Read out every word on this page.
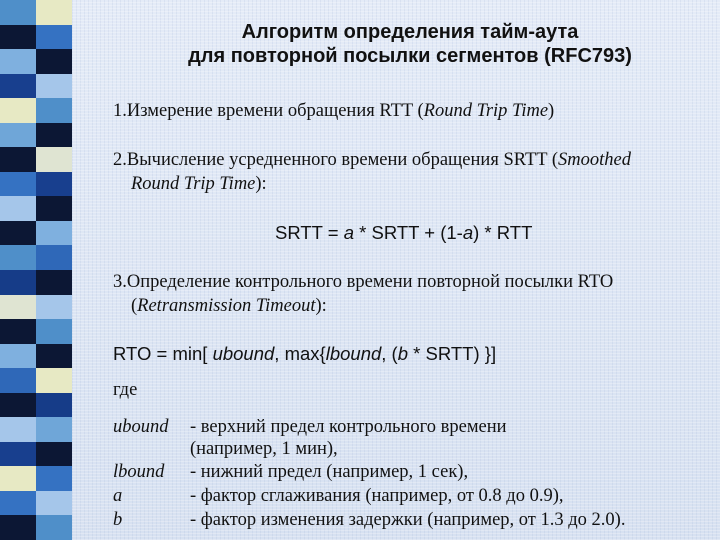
Алгоритм определения тайм-аута
для повторной посылки сегментов (RFC793)
1.Измерение времени обращения RTT (Round Trip Time)
2.Вычисление усредненного времени обращения SRTT (Smoothed
Round Trip Time):
SRTT = a * SRTT + (1-a) * RTT
3.Определение контрольного времени повторной посылки RTO
(Retransmission Timeout):
RTO = min[ ubound, max{lbound, (b * SRTT) }]
где
ubound - верхний предел контрольного времени
(например, 1 мин),
lbound - нижний предел (например, 1 сек),
a	- фактор сглаживания (например, от 0.8 до 0.9),
b	- фактор изменения задержки (например, от 1.3 до 2.0).
